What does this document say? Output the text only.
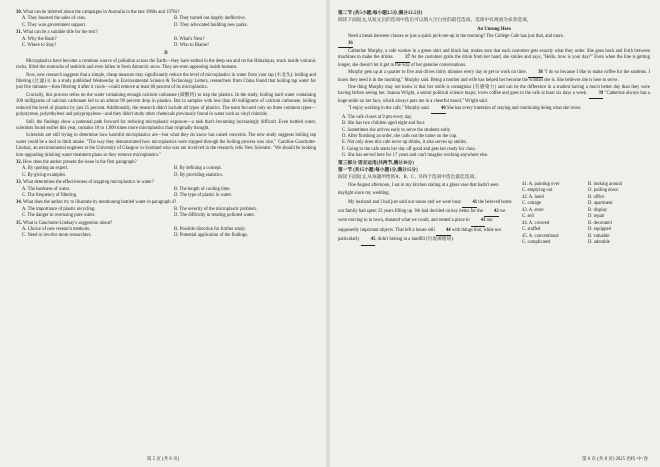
30. What can be inferred about the campaigns in Australia in the late 1960s and 1970s?
A. They boosted the sales of cans.	B. They turned out largely ineffective.
C. They won government support.	D. They advocated building new parks.
31. What can be a suitable title for the text?
A. Why the Rush?	B. What's Next?
C. Where to Stay?	D. Who to Blame?
D

Microplastics have become a common source of pollution across the Earth—they have settled in the deep sea and on the Himalayas, stuck inside volcanic rocks, filled the stomachs of seabirds and even fallen in fresh Antarctic snow. They are even appearing inside humans.

Now, new research suggests that a simple, cheap measure may significantly reduce the level of microplastics in water from your tap (水龙头): boiling and filtering (过滤) it. In a study published Wednesday in Environmental Science & Technology Letters, researchers from China found that boiling tap water for just five minutes—then filtering it after it cools—could remove at least 80 percent of its microplastics.

Crucially, this process relies on the water containing enough calcium carbonate (碳酸钙) to trap the plastics. In the study, boiling hard water containing 300 milligrams of calcium carbonate led to an almost 90 percent drop in plastics. But in samples with less than 60 milligrams of calcium carbonate, boiling reduced the level of plastics by just 25 percent. Additionally, the research didn't include all types of plastics. The team focused only on three common types—polystyrene, polyethylene and polypropylene—and they didn't study other chemicals previously found in water such as vinyl chloride.

Still, the findings show a potential path forward for reducing microplastic exposure—a task that's becoming increasingly difficult. Even bottled water, scientists found earlier this year, contains 10 to 1,000 times more microplastics than originally thought.

Scientists are still trying to determine how harmful microplastics are—but what they do know has raised concerns. The new study suggests boiling tap water could be a tool to limit intake. "The way they demonstrated how microplastics were trapped through the boiling process was nice," Caroline Gauchotte-Lindsay, an environmental engineer at the University of Glasgow in Scotland who was not involved in the research, tells New Scientist. "We should be looking into upgrading drinking water treatment plans so they remove microplastics."

32. How does the author present the issue in the first paragraph?
A. By quoting an expert.	B. By defining a concept.
C. By giving examples.	D. By providing statistics.
33. What determines the effectiveness of trapping microplastics in water?
A. The hardness of water.	B. The length of cooling time.
C. The frequency of filtering.	D. The type of plastic in water.
34. What does the author try to illustrate by mentioning bottled water in paragraph 4?
A. The importance of plastic recycling.	B. The severity of the microplastic problem.
C. The danger in overusing pure water.	D. The difficulty in treating polluted water.
35. What is Gauchotte-Lindsay's suggestion about?
A. Choice of new research methods.	B. Possible direction for further study.
C. Need to involve more researchers.	D. Potential application of the findings.
第 5 页 (共 8 页)
第二节 (共5小题;每小题2.5分,满分12.5分)
阅读下面短文,从短文后的选项中选出可以填入空白处的最佳选项。选项中有两项为多余选项。
An Unsung Hero

Need a break between classes or just a quick pick-me-up in the morning? The College Cafe has just that, and more.
36

Catherine Murphy, a cafe worker in a green shirt and black hat, makes sure that each customer gets exactly what they order. She goes back and forth between machines to make the drinks. 37 As the customer grabs the drink from her hand, she smiles and says, "Hello, how is your day?" Even when the line is getting longer, she doesn't let it get in the way of her genuine conversations.

Murphy gets up at a quarter to five and drives thirty minutes every day to get to work on time. 38 "I do so because I like to make coffee for the students. I know they need it in the morning," Murphy said. Being a mother and wife has helped her become the woman she is. She believes she is here to serve.

One thing Murphy may not know is that her smile is contagious (有感染力) and can be the difference in a student having a much better day than they were having before seeing her. Joanna Wright, a senior political science major, loves coffee and goes to the cafe at least six days a week. 39 "Catherine always has a huge smile on her face, which always puts me in a cheerful mood," Wright said.

"I enjoy working in the cafe," Murphy said. 40 She has every intention of staying and continuing doing what she loves.

A. The cafe closes at 9 pm every day.
B. She has two children aged eight and four.
C. Sometimes she arrives early to serve the students early.
D. After finishing an order, she calls out the name on the cup.
E. Not only does this cafe serve up drinks, it also serves up smiles.
F. Going to the cafe starts her day off good and gets her ready for class.
G. She has served here for 17 years and can't imagine working anywhere else.
第三部分 语言运用(共两节,满分30分)
第一节 (共15小题;每小题1分,满分15分)
阅读下面短文,从每题所给的A、B、C、D四个选项中选出最佳选项。

One August afternoon, I sat in my kitchen staring at a glass vase that hadn't seen daylight since my wedding.

My husband and I had just sold our house and we were busy 41 the beloved home our family had spent 23 years filling up. We had decided on key items for the 42 we were moving to in town, donated what we could, and rented a place to 43 our supposedly important objects. That left a house still 44 with things that, while not particularly 45, didn't belong in a landfill (垃圾填埋场).

41. A. painting over	B. looking around
C. emptying out	D. pulling down
42. A. hotel	B. office
C. cottage	D. apartment
43. A. store	B. display
C. sell	D. repair
44. A. covered	B. decorated
C. stuffed	D. equipped
45. A. conventional	B. valuable
C. complicated	D. adorable
第 6 页 (共 8 页) 2025 名校·中·卷
